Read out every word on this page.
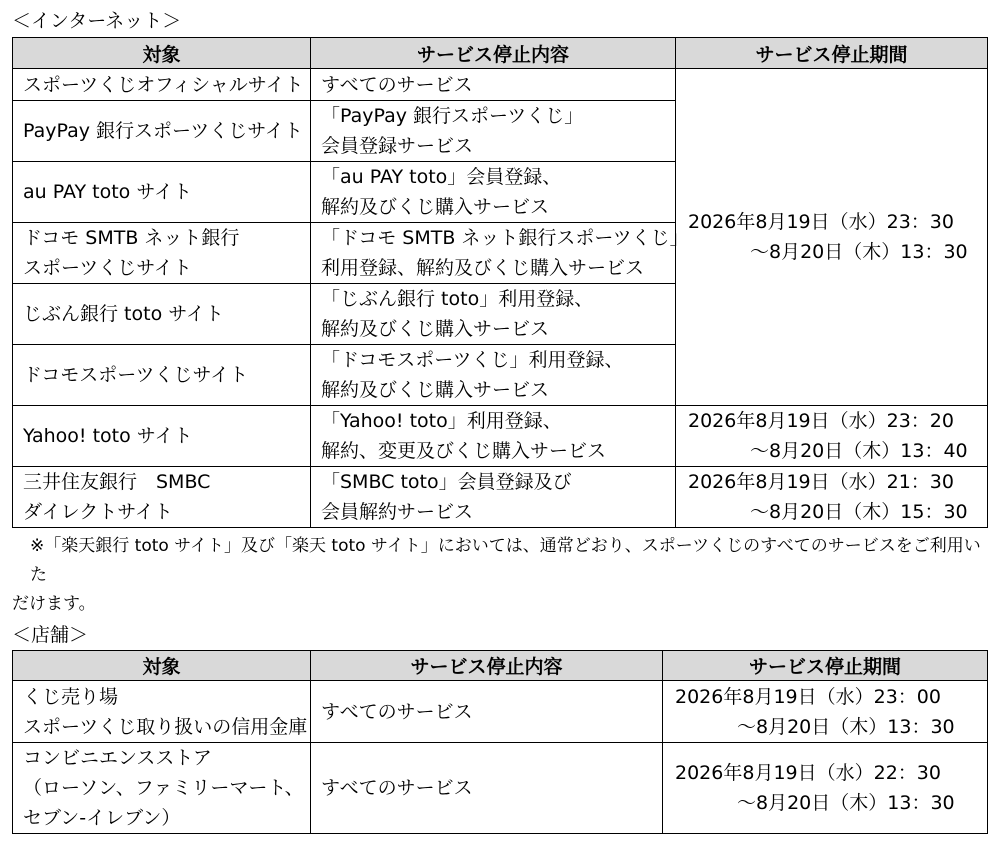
＜インターネット＞
対象	サービス停止内容	サービス停止期間

スポーツくじオフィシャルサイト	すべてのサービス	2026年8月19日（水）23：30
～8月20日（木）13：30

PayPay 銀行スポーツくじサイト	「PayPay 銀行スポーツくじ」
会員登録サービス	

au PAY toto サイト	「au PAY toto」会員登録、
解約及びくじ購入サービス	

ドコモ SMTB ネット銀行
スポーツくじサイト	「ドコモ SMTB ネット銀行スポーツくじ」
利用登録、解約及びくじ購入サービス	

じぶん銀行 toto サイト	「じぶん銀行 toto」利用登録、
解約及びくじ購入サービス	

ドコモスポーツくじサイト	「ドコモスポーツくじ」利用登録、
解約及びくじ購入サービス	

Yahoo! toto サイト	「Yahoo! toto」利用登録、
解約、変更及びくじ購入サービス	2026年8月19日（水）23：20
～8月20日（木）13：40

三井住友銀行　SMBC
ダイレクトサイト	「SMBC toto」会員登録及び
会員解約サービス	2026年8月19日（水）21：30
～8月20日（木）15：30
※「楽天銀行 toto サイト」及び「楽天 toto サイト」においては、通常どおり、スポーツくじのすべてのサービスをご利用いた
だけます。
＜店舗＞
対象	サービス停止内容	サービス停止期間

くじ売り場
スポーツくじ取り扱いの信用金庫	すべてのサービス	2026年8月19日（水）23：00
～8月20日（木）13：30

コンビニエンスストア
（ローソン、ファミリーマート、
セブン‐イレブン）	すべてのサービス	2026年8月19日（水）22：30
～8月20日（木）13：30
